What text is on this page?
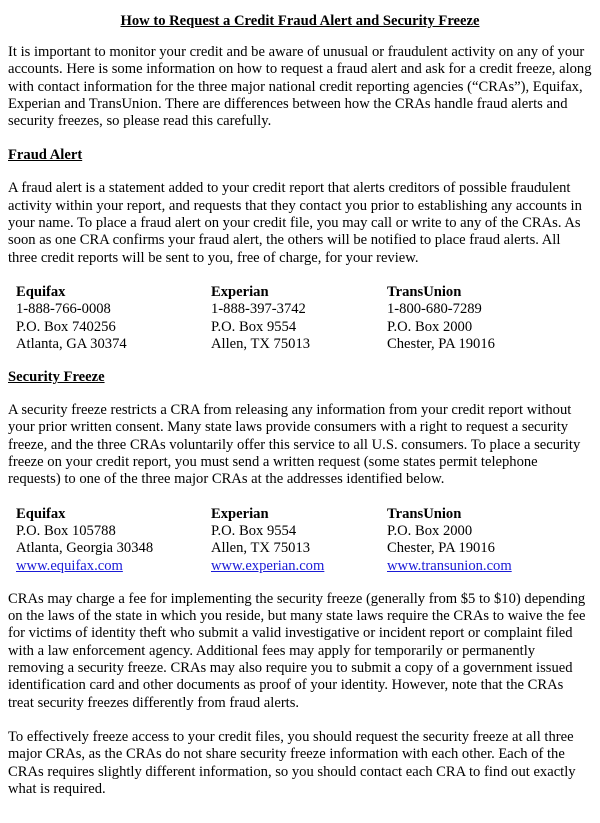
How to Request a Credit Fraud Alert and Security Freeze

It is important to monitor your credit and be aware of unusual or fraudulent activity on any of your accounts. Here is some information on how to request a fraud alert and ask for a credit freeze, along with contact information for the three major national credit reporting agencies (“CRAs”), Equifax, Experian and TransUnion. There are differences between how the CRAs handle fraud alerts and security freezes, so please read this carefully.

Fraud Alert

A fraud alert is a statement added to your credit report that alerts creditors of possible fraudulent activity within your report, and requests that they contact you prior to establishing any accounts in your name. To place a fraud alert on your credit file, you may call or write to any of the CRAs. As soon as one CRA confirms your fraud alert, the others will be notified to place fraud alerts. All three credit reports will be sent to you, free of charge, for your review.

Equifax
1-888-766-0008
P.O. Box 740256
Atlanta, GA 30374
Experian
1-888-397-3742
P.O. Box 9554
Allen, TX 75013
TransUnion
1-800-680-7289
P.O. Box 2000
Chester, PA 19016
Security Freeze

A security freeze restricts a CRA from releasing any information from your credit report without your prior written consent. Many state laws provide consumers with a right to request a security freeze, and the three CRAs voluntarily offer this service to all U.S. consumers. To place a security freeze on your credit report, you must send a written request (some states permit telephone requests) to one of the three major CRAs at the addresses identified below.

Equifax
P.O. Box 105788
Atlanta, Georgia 30348
www.equifax.com
Experian
P.O. Box 9554
Allen, TX 75013
www.experian.com
TransUnion
P.O. Box 2000
Chester, PA 19016
www.transunion.com

CRAs may charge a fee for implementing the security freeze (generally from $5 to $10) depending on the laws of the state in which you reside, but many state laws require the CRAs to waive the fee for victims of identity theft who submit a valid investigative or incident report or complaint filed with a law enforcement agency. Additional fees may apply for temporarily or permanently removing a security freeze. CRAs may also require you to submit a copy of a government issued identification card and other documents as proof of your identity. However, note that the CRAs treat security freezes differently from fraud alerts.

To effectively freeze access to your credit files, you should request the security freeze at all three major CRAs, as the CRAs do not share security freeze information with each other. Each of the CRAs requires slightly different information, so you should contact each CRA to find out exactly what is required.
